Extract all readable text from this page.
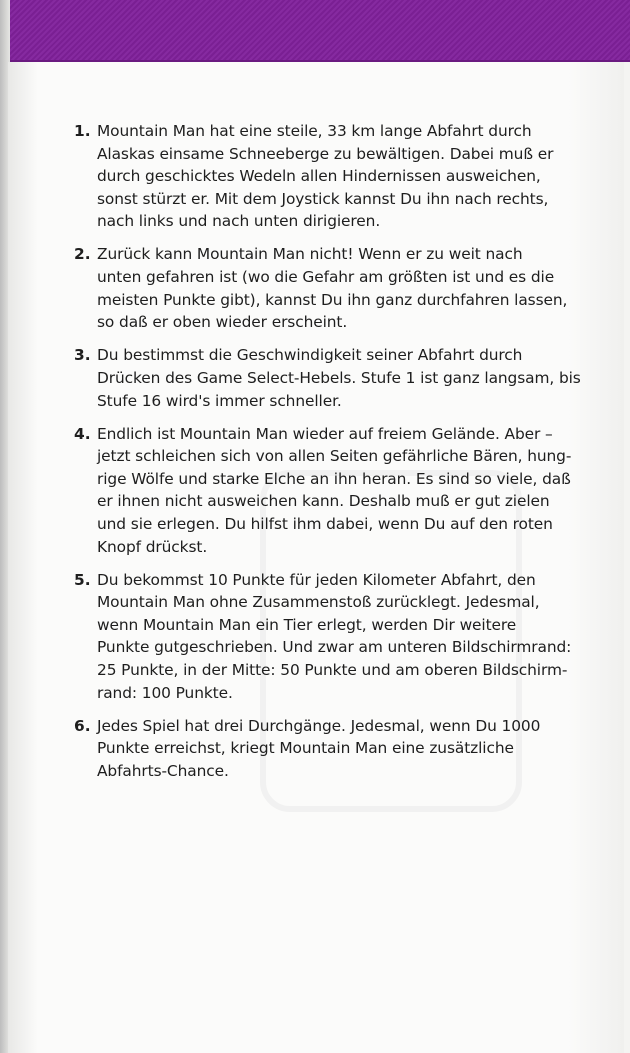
1. Mountain Man hat eine steile, 33 km lange Abfahrt durch
Alaskas einsame Schneeberge zu bewältigen. Dabei muß er
durch geschicktes Wedeln allen Hindernissen ausweichen,
sonst stürzt er. Mit dem Joystick kannst Du ihn nach rechts,
nach links und nach unten dirigieren.
2. Zurück kann Mountain Man nicht! Wenn er zu weit nach
unten gefahren ist (wo die Gefahr am größten ist und es die
meisten Punkte gibt), kannst Du ihn ganz durchfahren lassen,
so daß er oben wieder erscheint.
3. Du bestimmst die Geschwindigkeit seiner Abfahrt durch
Drücken des Game Select-Hebels. Stufe 1 ist ganz langsam, bis
Stufe 16 wird's immer schneller.
4. Endlich ist Mountain Man wieder auf freiem Gelände. Aber –
jetzt schleichen sich von allen Seiten gefährliche Bären, hung-
rige Wölfe und starke Elche an ihn heran. Es sind so viele, daß
er ihnen nicht ausweichen kann. Deshalb muß er gut zielen
und sie erlegen. Du hilfst ihm dabei, wenn Du auf den roten
Knopf drückst.
5. Du bekommst 10 Punkte für jeden Kilometer Abfahrt, den
Mountain Man ohne Zusammenstoß zurücklegt. Jedesmal,
wenn Mountain Man ein Tier erlegt, werden Dir weitere
Punkte gutgeschrieben. Und zwar am unteren Bildschirmrand:
25 Punkte, in der Mitte: 50 Punkte und am oberen Bildschirm-
rand: 100 Punkte.
6. Jedes Spiel hat drei Durchgänge. Jedesmal, wenn Du 1000
Punkte erreichst, kriegt Mountain Man eine zusätzliche
Abfahrts-Chance.
